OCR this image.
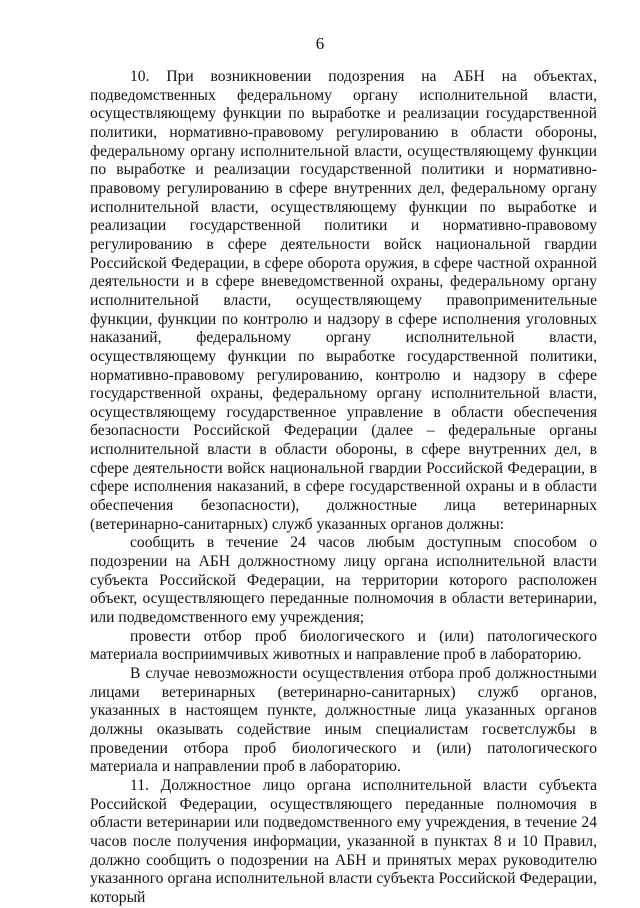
6

10. При возникновении подозрения на АБН на объектах, подведомственных федеральному органу исполнительной власти, осуществляющему функции по выработке и реализации государственной политики, нормативно-правовому регулированию в области обороны, федеральному органу исполнительной власти, осуществляющему функции по выработке и реализации государственной политики и нормативно-правовому регулированию в сфере внутренних дел, федеральному органу исполнительной власти, осуществляющему функции по выработке и реализации государственной политики и нормативно-правовому регулированию в сфере деятельности войск национальной гвардии Российской Федерации, в сфере оборота оружия, в сфере частной охранной деятельности и в сфере вневедомственной охраны, федеральному органу исполнительной власти, осуществляющему правоприменительные функции, функции по контролю и надзору в сфере исполнения уголовных наказаний, федеральному органу исполнительной власти, осуществляющему функции по выработке государственной политики, нормативно-правовому регулированию, контролю и надзору в сфере государственной охраны, федеральному органу исполнительной власти, осуществляющему государственное управление в области обеспечения безопасности Российской Федерации (далее – федеральные органы исполнительной власти в области обороны, в сфере внутренних дел, в сфере деятельности войск национальной гвардии Российской Федерации, в сфере исполнения наказаний, в сфере государственной охраны и в области обеспечения безопасности), должностные лица ветеринарных (ветеринарно-санитарных) служб указанных органов должны:

сообщить в течение 24 часов любым доступным способом о подозрении на АБН должностному лицу органа исполнительной власти субъекта Российской Федерации, на территории которого расположен объект, осуществляющего переданные полномочия в области ветеринарии, или подведомственного ему учреждения;

провести отбор проб биологического и (или) патологического материала восприимчивых животных и направление проб в лабораторию.

В случае невозможности осуществления отбора проб должностными лицами ветеринарных (ветеринарно-санитарных) служб органов, указанных в настоящем пункте, должностные лица указанных органов должны оказывать содействие иным специалистам госветслужбы в проведении отбора проб биологического и (или) патологического материала и направлении проб в лабораторию.

11. Должностное лицо органа исполнительной власти субъекта Российской Федерации, осуществляющего переданные полномочия в области ветеринарии или подведомственного ему учреждения, в течение 24 часов после получения информации, указанной в пунктах 8 и 10 Правил, должно сообщить о подозрении на АБН и принятых мерах руководителю указанного органа исполнительной власти субъекта Российской Федерации, который
